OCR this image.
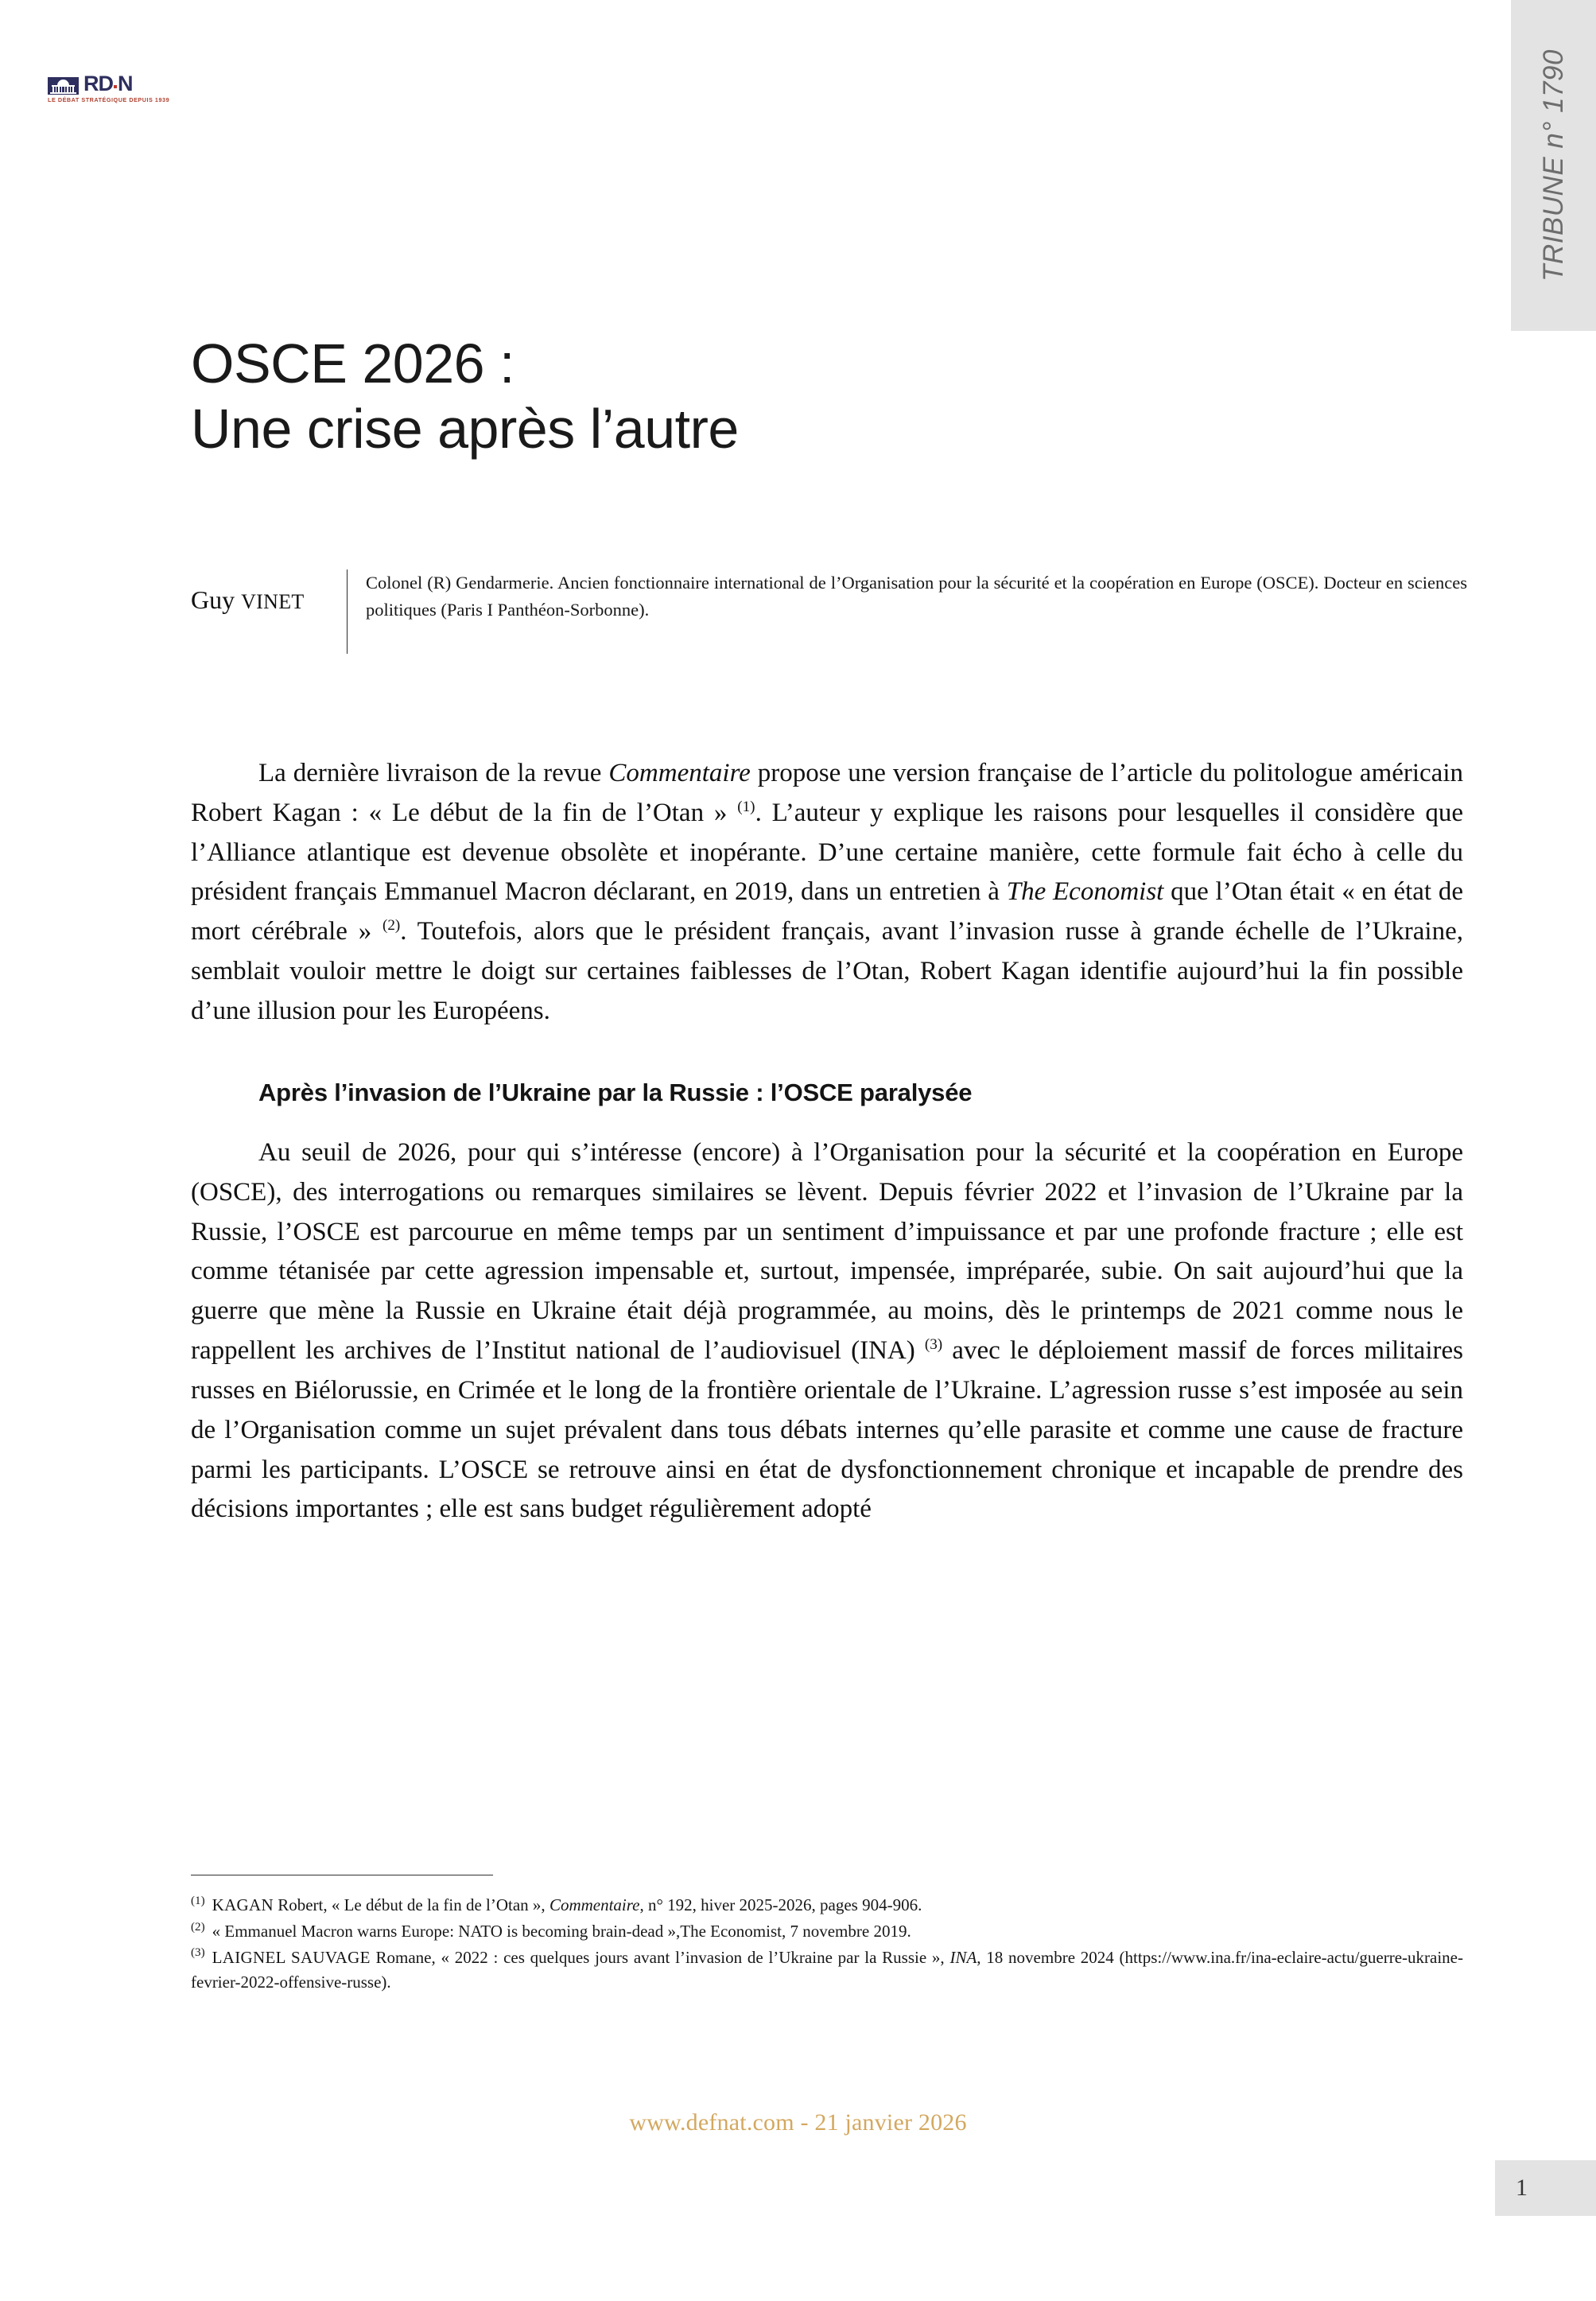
TRIBUNE n° 1790
RD N
LE DÉBAT STRATÉGIQUE DEPUIS 1939
OSCE 2026 :
Une crise après l’autre
Guy VINET
Colonel (R) Gendarmerie. Ancien fonctionnaire international de l’Organisation pour la sécurité et la coopération en Europe (OSCE). Docteur en sciences politiques (Paris I Panthéon-Sorbonne).

La dernière livraison de la revue Commentaire propose une version française de l’article du politologue américain Robert Kagan : « Le début de la fin de l’Otan » $^{(1)}$. L’auteur y explique les raisons pour lesquelles il considère que l’Alliance atlantique est devenue obsolète et inopérante. D’une certaine manière, cette formule fait écho à celle du président français Emmanuel Macron déclarant, en 2019, dans un entretien à The Economist que l’Otan était « en état de mort cérébrale » $^{(2)}$. Toutefois, alors que le président français, avant l’invasion russe à grande échelle de l’Ukraine, semblait vouloir mettre le doigt sur certaines faiblesses de l’Otan, Robert Kagan identifie aujourd’hui la fin possible d’une illusion pour les Européens.

Après l’invasion de l’Ukraine par la Russie : l’OSCE paralysée

Au seuil de 2026, pour qui s’intéresse (encore) à l’Organisation pour la sécurité et la coopération en Europe (OSCE), des interrogations ou remarques similaires se lèvent. Depuis février 2022 et l’invasion de l’Ukraine par la Russie, l’OSCE est parcourue en même temps par un sentiment d’impuissance et par une profonde fracture ; elle est comme tétanisée par cette agression impensable et, surtout, impensée, impréparée, subie. On sait aujourd’hui que la guerre que mène la Russie en Ukraine était déjà programmée, au moins, dès le printemps de 2021 comme nous le rappellent les archives de l’Institut national de l’audiovisuel (INA) $^{(3)}$ avec le déploiement massif de forces militaires russes en Biélorussie, en Crimée et le long de la frontière orientale de l’Ukraine. L’agression russe s’est imposée au sein de l’Organisation comme un sujet prévalent dans tous débats internes qu’elle parasite et comme une cause de fracture parmi les participants. L’OSCE se retrouve ainsi en état de dysfonctionnement chronique et incapable de prendre des décisions importantes ; elle est sans budget régulièrement adopté

$^{(1)}$ KAGAN Robert, « Le début de la fin de l’Otan », Commentaire, n° 192, hiver 2025-2026, pages 904-906.
$^{(2)}$ « Emmanuel Macron warns Europe: NATO is becoming brain-dead »,The Economist, 7 novembre 2019.
$^{(3)}$ LAIGNEL SAUVAGE Romane, « 2022 : ces quelques jours avant l’invasion de l’Ukraine par la Russie », INA, 18 novembre 2024 (https://www.ina.fr/ina-eclaire-actu/guerre-ukraine-fevrier-2022-offensive-russe).
www.defnat.com - 21 janvier 2026
1
